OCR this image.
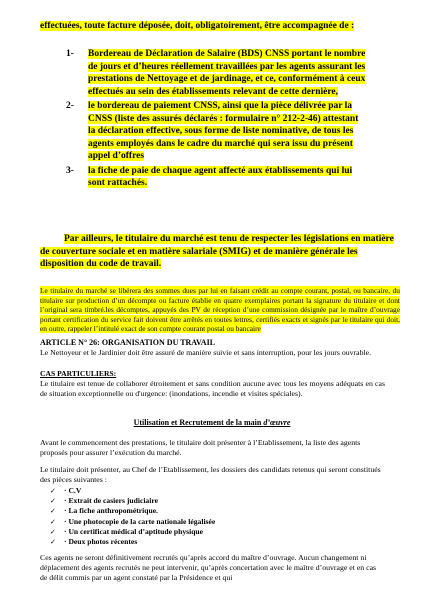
effectuées, toute facture déposée, doit, obligatoirement, être accompagnée de :

1- Bordereau de Déclaration de Salaire (BDS) CNSS portant le nombre de jours et d’heures réellement travaillées par les agents assurant les prestations de Nettoyage et de jardinage, et ce, conformément à ceux effectués au sein des établissements relevant de cette dernière,
2- le bordereau de paiement CNSS, ainsi que la pièce délivrée par la CNSS (liste des assurés déclarés : formulaire n° 212-2-46) attestant la déclaration effective, sous forme de liste nominative, de tous les agents employés dans le cadre du marché qui sera issu du présent appel d’offres
3- la fiche de paie de chaque agent affecté aux établissements qui lui sont rattachés.

Par ailleurs, le titulaire du marché est tenu de respecter les législations en matière de couverture sociale et en matière salariale (SMIG) et de manière générale les disposition du code de travail.

Le titulaire du marché se libérera des sommes dues par lui en faisant crédit au compte courant, postal, ou bancaire, du titulaire sur production d’un décompte ou facture établie en quatre exemplaires portant la signature du titulaire et dont l’original sera timbré.les décomptes, appuyés des PV de réception d’une commission désignée par le maître d’ouvrage portant certification du service fait doivent être arrêtés en toutes lettres, certifiés exacts et signés par le titulaire qui doit, en outre, rappeler l’intitulé exact de son compte courant postal ou bancaire

ARTICLE N° 26: ORGANISATION DU TRAVAIL

Le Nettoyeur et le Jardinier doit être assuré de manière suivie et sans interruption, pour les jours ouvrable.

CAS PARTICULIERS:

Le titulaire est tenue de collaborer étroitement et sans condition aucune avec tous les moyens adéquats en cas de situation exceptionnelle ou d'urgence: (inondations, incendie et visites spéciales).

Utilisation et Recrutement de la main d’œuvre

Avant le commencement des prestations, le titulaire doit présenter à l’Etablissement, la liste des agents proposés pour assurer l’exécution du marché.

Le titulaire doit présenter, au Chef de l’Etablissement, les dossiers des candidats retenus qui seront constitués des pièces suivantes :

✓ · C.V
✓ · Extrait de casiers judiciaire
✓ · La fiche anthropométrique.
✓ · Une photocopie de la carte nationale légalisée
✓ · Un certificat médical d’aptitude physique
✓ · Deux photos récentes

Ces agents ne seront définitivement recrutés qu’après accord du maître d’ouvrage. Aucun changement ni déplacement des agents recrutés ne peut intervenir, qu’après concertation avec le maître d’ouvrage et en cas de délit commis par un agent constaté par la Présidence et qui
